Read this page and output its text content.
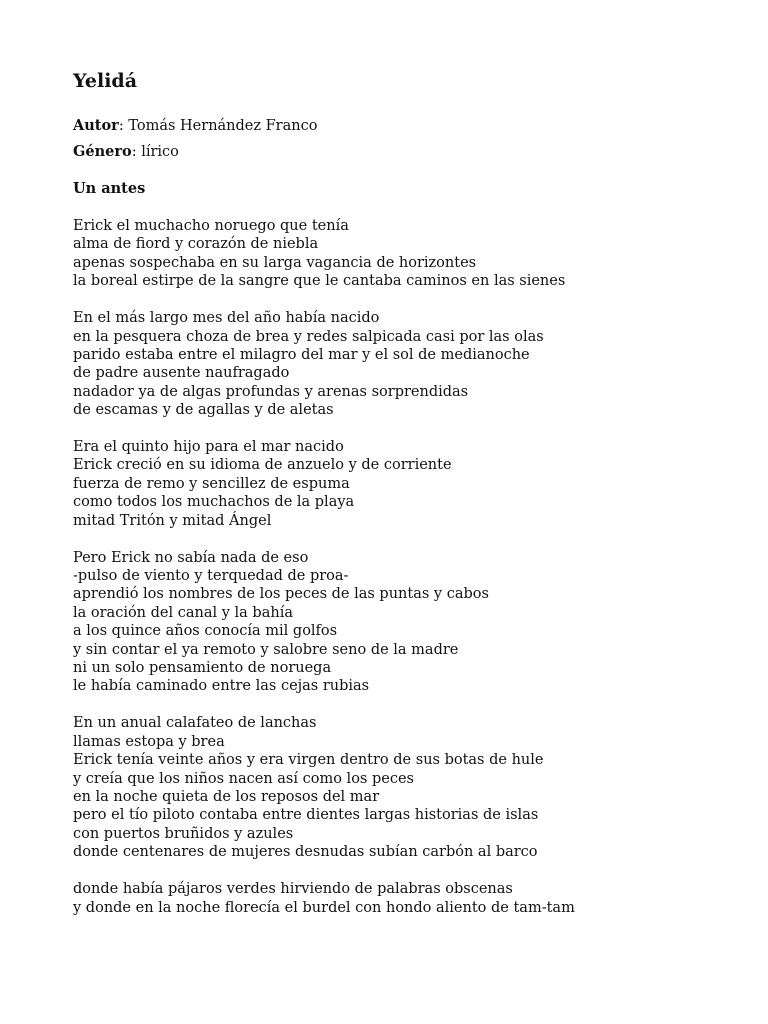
Yelidá

Autor: Tomás Hernández Franco

Género: lírico

Un antes

Erick el muchacho noruego que tenía
alma de fiord y corazón de niebla
apenas sospechaba en su larga vagancia de horizontes
la boreal estirpe de la sangre que le cantaba caminos en las sienes
En el más largo mes del año había nacido
en la pesquera choza de brea y redes salpicada casi por las olas
parido estaba entre el milagro del mar y el sol de medianoche
de padre ausente naufragado
nadador ya de algas profundas y arenas sorprendidas
de escamas y de agallas y de aletas
Era el quinto hijo para el mar nacido
Erick creció en su idioma de anzuelo y de corriente
fuerza de remo y sencillez de espuma
como todos los muchachos de la playa
mitad Tritón y mitad Ángel
Pero Erick no sabía nada de eso
-pulso de viento y terquedad de proa-
aprendió los nombres de los peces de las puntas y cabos
la oración del canal y la bahía
a los quince años conocía mil golfos
y sin contar el ya remoto y salobre seno de la madre
ni un solo pensamiento de noruega
le había caminado entre las cejas rubias
En un anual calafateo de lanchas
llamas estopa y brea
Erick tenía veinte años y era virgen dentro de sus botas de hule
y creía que los niños nacen así como los peces
en la noche quieta de los reposos del mar
pero el tío piloto contaba entre dientes largas historias de islas
con puertos bruñidos y azules
donde centenares de mujeres desnudas subían carbón al barco
donde había pájaros verdes hirviendo de palabras obscenas
y donde en la noche florecía el burdel con hondo aliento de tam-tam
